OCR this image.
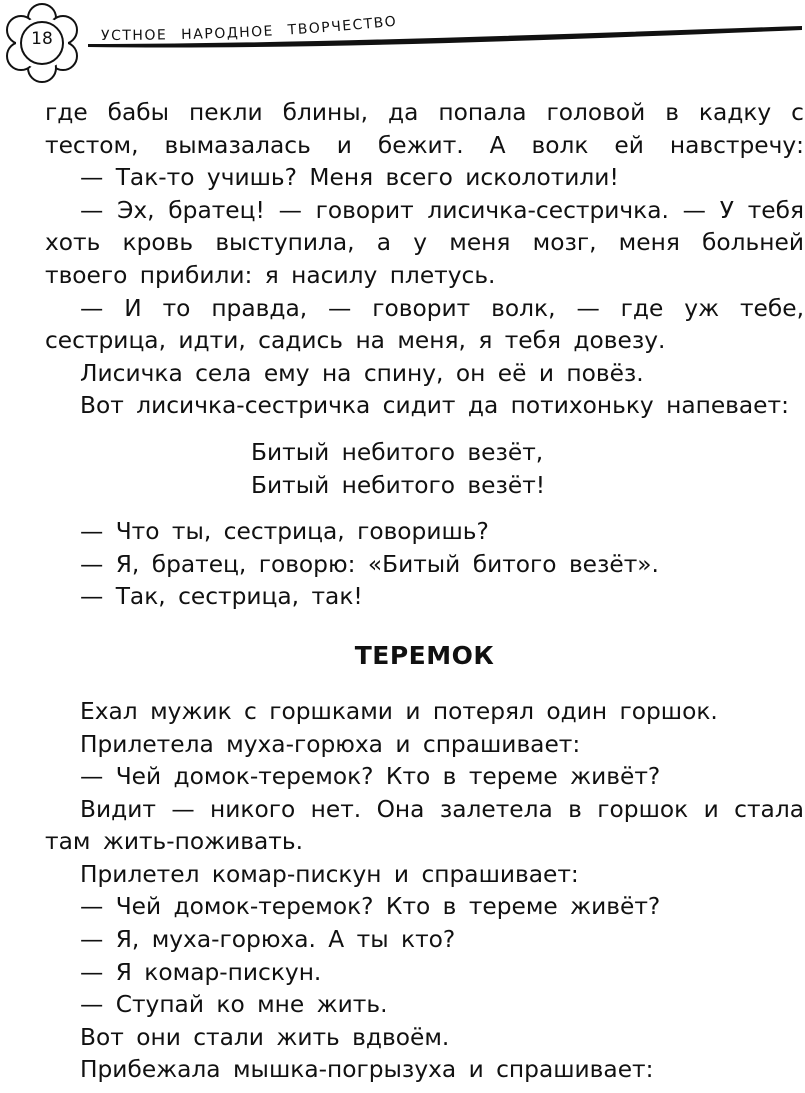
18	УСТНОЕ НАРОДНОЕ ТВОРЧЕСТВО

где бабы пекли блины, да попала головой в кадку с тестом, вымазалась и бежит. А волк ей навстречу:

— Так-то учишь? Меня всего исколотили!

— Эх, братец! — говорит лисичка-сестричка. — У тебя хоть кровь выступила, а у меня мозг, меня больней твоего прибили: я насилу плетусь.

— И то правда, — говорит волк, — где уж тебе, сестрица, идти, садись на меня, я тебя довезу.

Лисичка села ему на спину, он её и повёз.

Вот лисичка-сестричка сидит да потихоньку напевает:

Битый небитого везёт,
Битый небитого везёт!

— Что ты, сестрица, говоришь?

— Я, братец, говорю: «Битый битого везёт».

— Так, сестрица, так!

ТЕРЕМОК

Ехал мужик с горшками и потерял один горшок.

Прилетела муха-горюха и спрашивает:

— Чей домок-теремок? Кто в тереме живёт?

Видит — никого нет. Она залетела в горшок и стала там жить-поживать.

Прилетел комар-пискун и спрашивает:

— Чей домок-теремок? Кто в тереме живёт?

— Я, муха-горюха. А ты кто?

— Я комар-пискун.

— Ступай ко мне жить.

Вот они стали жить вдвоём.

Прибежала мышка-погрызуха и спрашивает:
